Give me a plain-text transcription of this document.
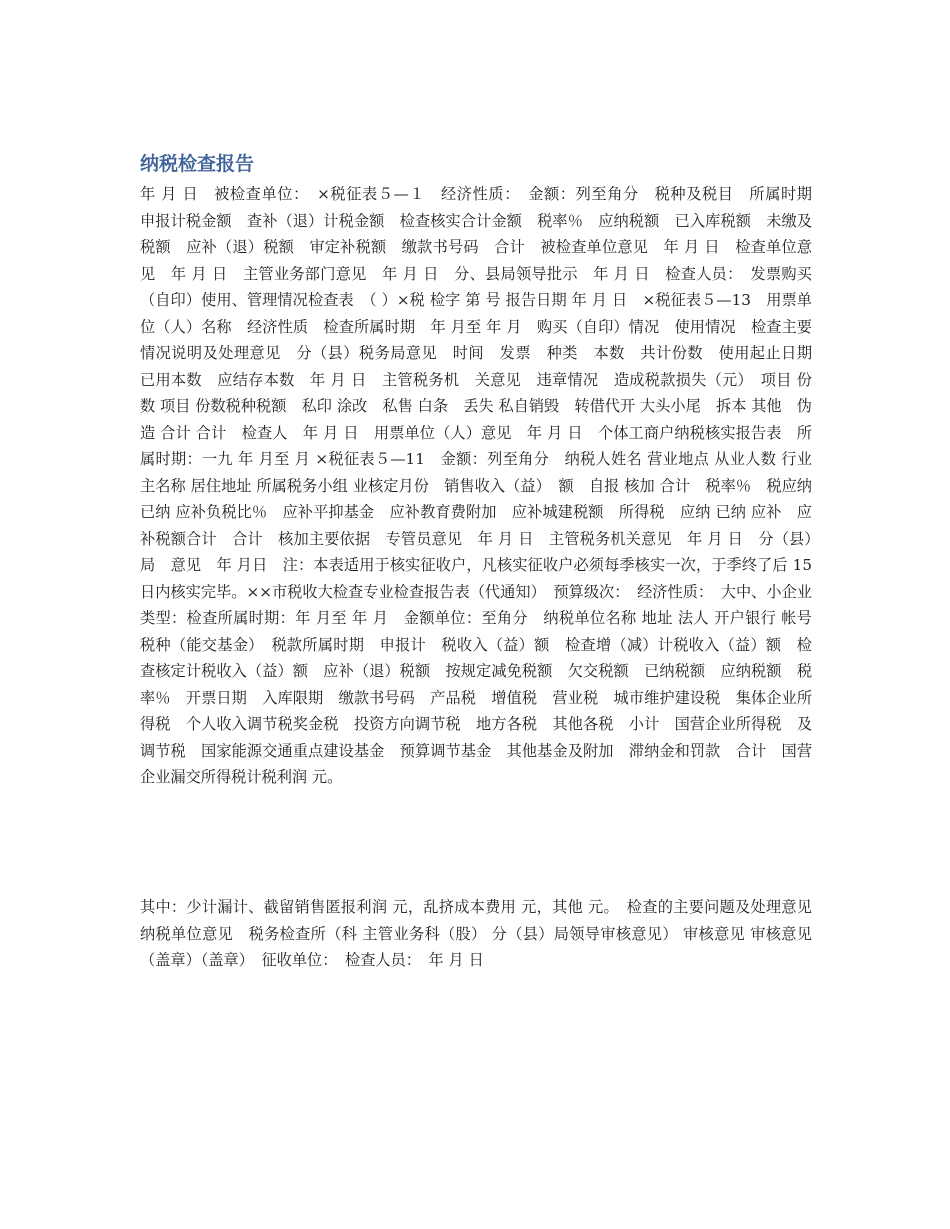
纳税检查报告

年 月 日　被检查单位：　×税征表５—１　经济性质：　金额：列至角分　税种及税目　所属时期　申报计税金额　查补（退）计税金额　检查核实合计金额　税率％　应纳税额　已入库税额　未缴及税额　应补（退）税额　审定补税额　缴款书号码　合计　被检查单位意见　年 月 日　检查单位意见　年 月 日　主管业务部门意见　年 月 日　分、县局领导批示　年 月 日　检查人员：　发票购买（自印）使用、管理情况检查表　（ ）×税 检字 第 号 报告日期 年 月 日　×税征表５—13　用票单位（人）名称　经济性质　检查所属时期　年 月至 年 月　购买（自印）情况　使用情况　检查主要情况说明及处理意见　分（县）税务局意见　时间　发票　种类　本数　共计份数　使用起止日期　已用本数　应结存本数　年 月 日　主管税务机　关意见　违章情况　造成税款损失（元）　项目 份数 项目 份数税种税额　私印 涂改　私售 白条　丢失 私自销毁　转借代开 大头小尾　拆本 其他　伪造 合计 合计　检查人　年 月 日　用票单位（人）意见　年 月 日　个体工商户纳税核实报告表　所属时期：一九 年 月至 月 ×税征表５—11　金额：列至角分　纳税人姓名 营业地点 从业人数 行业主名称 居住地址 所属税务小组 业核定月份　销售收入（益）　额　自报 核加 合计　税率％　税应纳已纳 应补负税比％　应补平抑基金　应补教育费附加　应补城建税额　所得税　应纳 已纳 应补　应补税额合计　合计　核加主要依据　专管员意见　年 月 日　主管税务机关意见　年 月 日　分（县）局　意见　年 月日　注：本表适用于核实征收户，凡核实征收户必须每季核实一次，于季终了后 15 日内核实完毕。××市税收大检查专业检查报告表（代通知）　预算级次：　经济性质：　大中、小企业类型：检查所属时期：年 月至 年 月　金额单位：至角分　纳税单位名称 地址 法人 开户银行 帐号　税种（能交基金）　税款所属时期　申报计　税收入（益）额　检查增（减）计税收入（益）额　检查核定计税收入（益）额　应补（退）税额　按规定减免税额　欠交税额　已纳税额　应纳税额　税率％　开票日期　入库限期　缴款书号码　产品税　增值税　营业税　城市维护建设税　集体企业所得税　个人收入调节税奖金税　投资方向调节税　地方各税　其他各税　小计　国营企业所得税　及调节税　国家能源交通重点建设基金　预算调节基金　其他基金及附加　滞纳金和罚款　合计　国营企业漏交所得税计税利润 元。

其中：少计漏计、截留销售匿报利润 元，乱挤成本费用 元，其他 元。　检查的主要问题及处理意见　纳税单位意见　税务检查所（科 主管业务科（股） 分（县）局领导审核意见） 审核意见 审核意见　（盖章）（盖章）　征收单位：　检查人员：　年 月 日
